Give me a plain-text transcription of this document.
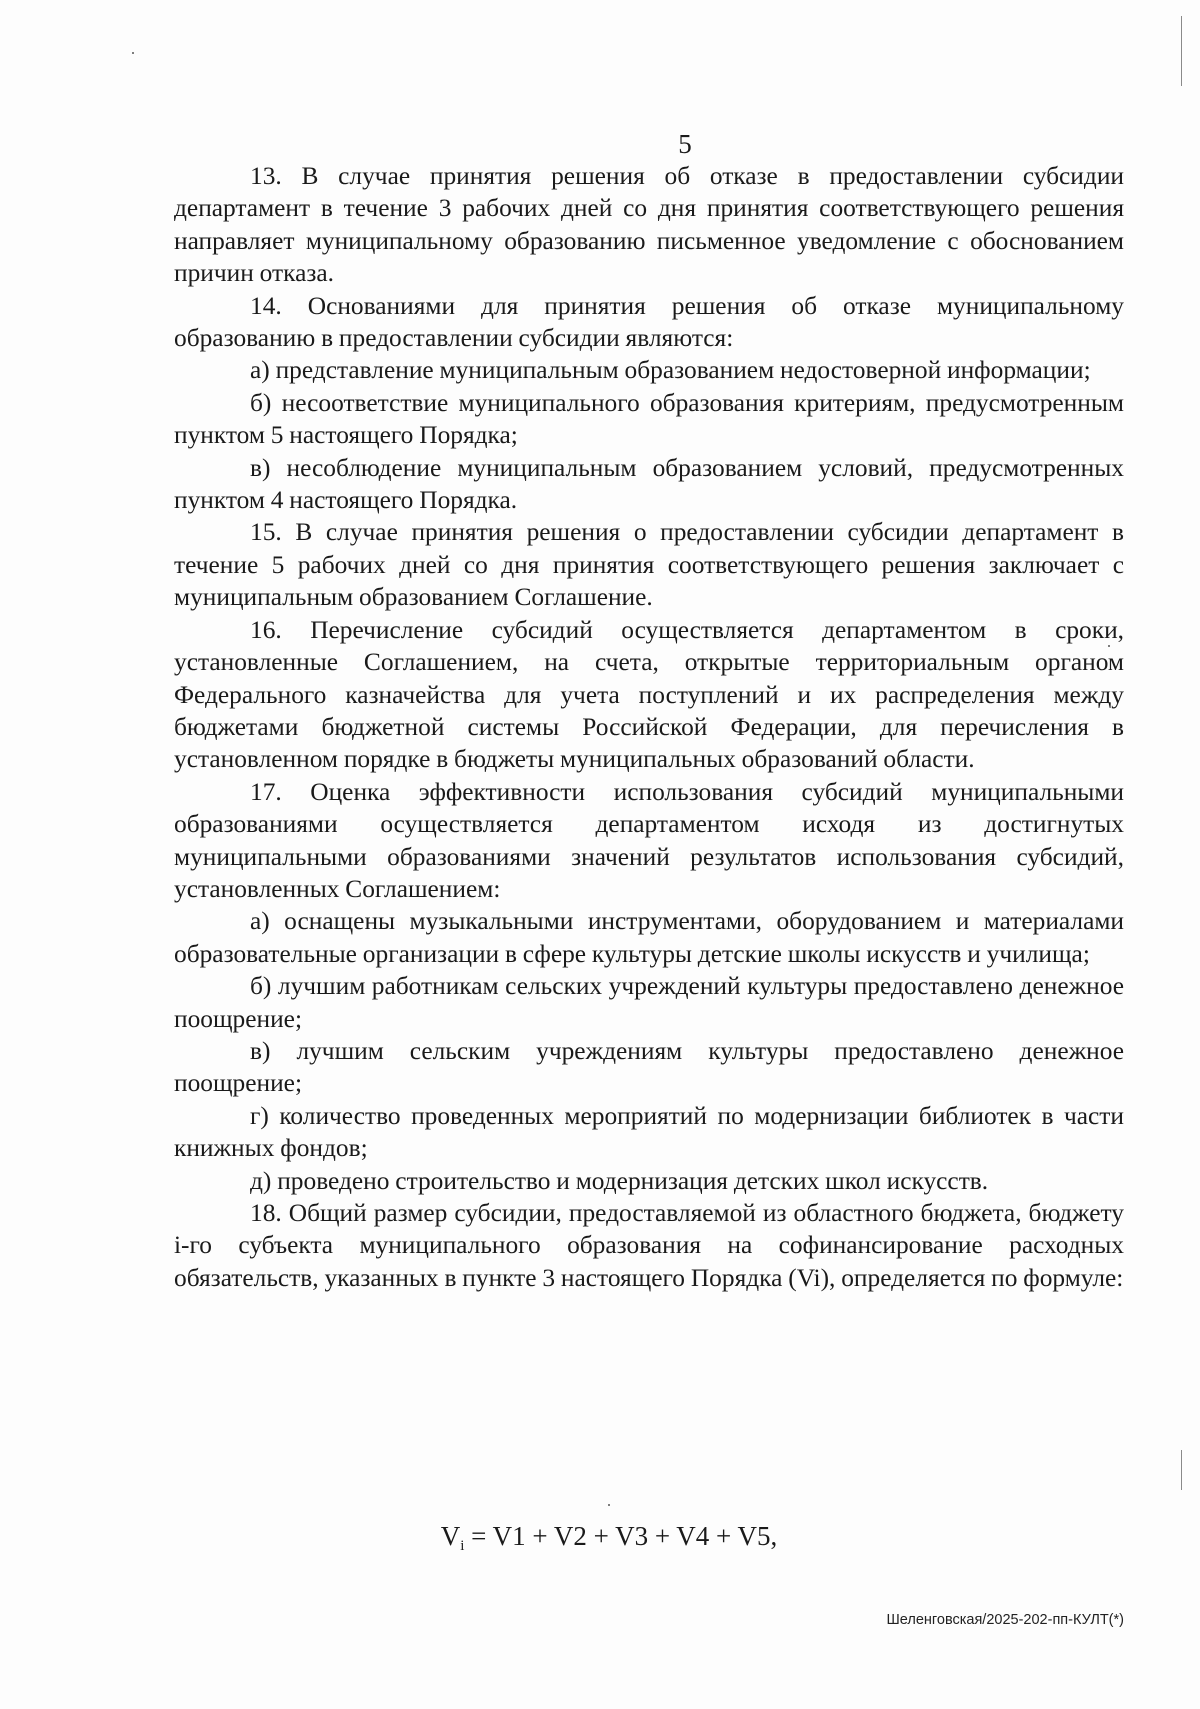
5

13. В случае принятия решения об отказе в предоставлении субсидии департамент в течение 3 рабочих дней со дня принятия соответствующего решения направляет муниципальному образованию письменное уведомление с обоснованием причин отказа.

14. Основаниями для принятия решения об отказе муниципальному образованию в предоставлении субсидии являются:

а) представление муниципальным образованием недостоверной информации;

б) несоответствие муниципального образования критериям, предусмотренным пунктом 5 настоящего Порядка;

в) несоблюдение муниципальным образованием условий, предусмотренных пунктом 4 настоящего Порядка.

15. В случае принятия решения о предоставлении субсидии департамент в течение 5 рабочих дней со дня принятия соответствующего решения заключает с муниципальным образованием Соглашение.

16. Перечисление субсидий осуществляется департаментом в сроки, установленные Соглашением, на счета, открытые территориальным органом Федерального казначейства для учета поступлений и их распределения между бюджетами бюджетной системы Российской Федерации, для перечисления в установленном порядке в бюджеты муниципальных образований области.

17. Оценка эффективности использования субсидий муниципальными образованиями осуществляется департаментом исходя из достигнутых муниципальными образованиями значений результатов использования субсидий, установленных Соглашением:

а) оснащены музыкальными инструментами, оборудованием и материалами образовательные организации в сфере культуры детские школы искусств и училища;

б) лучшим работникам сельских учреждений культуры предоставлено денежное поощрение;

в) лучшим сельским учреждениям культуры предоставлено денежное поощрение;

г) количество проведенных мероприятий по модернизации библиотек в части книжных фондов;

д) проведено строительство и модернизация детских школ искусств.

18. Общий размер субсидии, предоставляемой из областного бюджета, бюджету i-го субъекта муниципального образования на софинансирование расходных обязательств, указанных в пункте 3 настоящего Порядка (Vi), определяется по формуле:

$V_i = V1 + V2 + V3 + V4 + V5$,
Шеленговская/2025-202-пп-КУЛТ(*)
